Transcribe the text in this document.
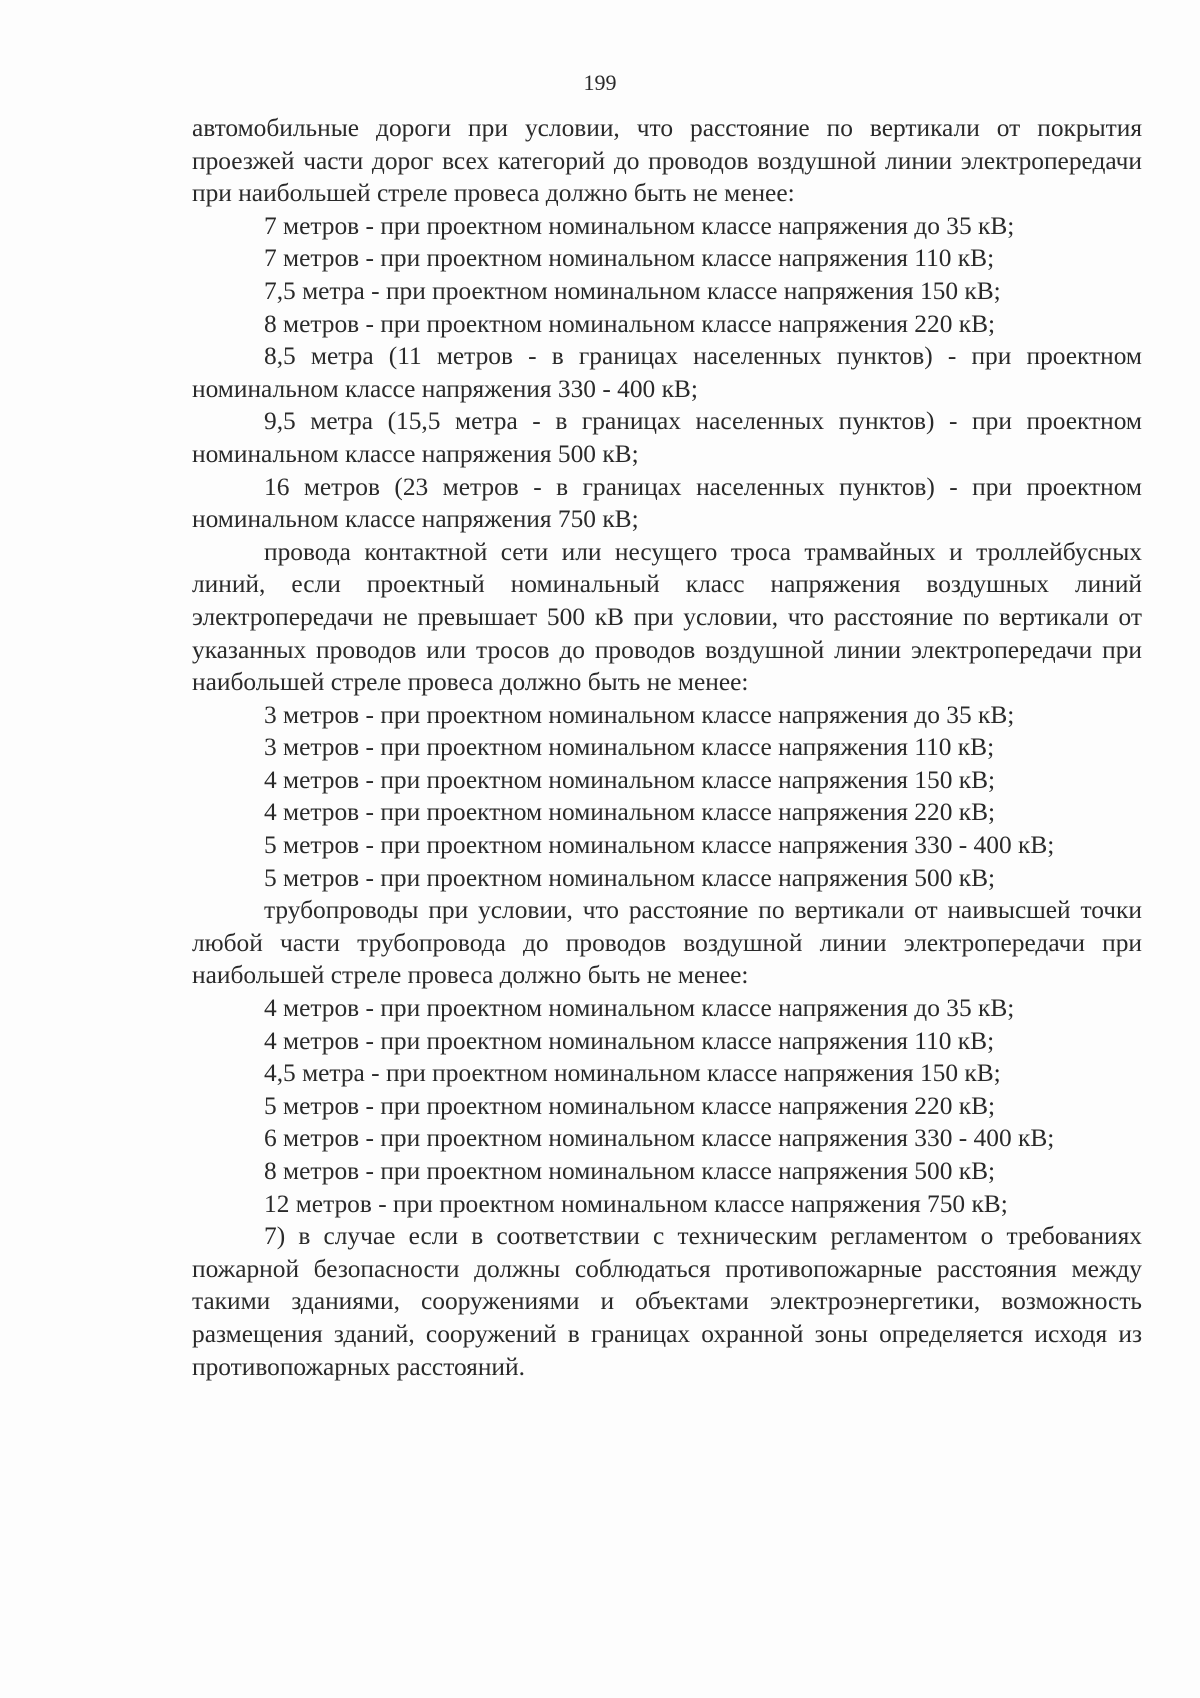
199

автомобильные дороги при условии, что расстояние по вертикали от покрытия проезжей части дорог всех категорий до проводов воздушной линии электропередачи при наибольшей стреле провеса должно быть не менее:

7 метров - при проектном номинальном классе напряжения до 35 кВ;

7 метров - при проектном номинальном классе напряжения 110 кВ;

7,5 метра - при проектном номинальном классе напряжения 150 кВ;

8 метров - при проектном номинальном классе напряжения 220 кВ;

8,5 метра (11 метров - в границах населенных пунктов) - при проектном номинальном классе напряжения 330 - 400 кВ;

9,5 метра (15,5 метра - в границах населенных пунктов) - при проектном номинальном классе напряжения 500 кВ;

16 метров (23 метров - в границах населенных пунктов) - при проектном номинальном классе напряжения 750 кВ;

провода контактной сети или несущего троса трамвайных и троллейбусных линий, если проектный номинальный класс напряжения воздушных линий электропередачи не превышает 500 кВ при условии, что расстояние по вертикали от указанных проводов или тросов до проводов воздушной линии электропередачи при наибольшей стреле провеса должно быть не менее:

3 метров - при проектном номинальном классе напряжения до 35 кВ;

3 метров - при проектном номинальном классе напряжения 110 кВ;

4 метров - при проектном номинальном классе напряжения 150 кВ;

4 метров - при проектном номинальном классе напряжения 220 кВ;

5 метров - при проектном номинальном классе напряжения 330 - 400 кВ;

5 метров - при проектном номинальном классе напряжения 500 кВ;

трубопроводы при условии, что расстояние по вертикали от наивысшей точки любой части трубопровода до проводов воздушной линии электропередачи при наибольшей стреле провеса должно быть не менее:

4 метров - при проектном номинальном классе напряжения до 35 кВ;

4 метров - при проектном номинальном классе напряжения 110 кВ;

4,5 метра - при проектном номинальном классе напряжения 150 кВ;

5 метров - при проектном номинальном классе напряжения 220 кВ;

6 метров - при проектном номинальном классе напряжения 330 - 400 кВ;

8 метров - при проектном номинальном классе напряжения 500 кВ;

12 метров - при проектном номинальном классе напряжения 750 кВ;

7) в случае если в соответствии с техническим регламентом о требованиях пожарной безопасности должны соблюдаться противопожарные расстояния между такими зданиями, сооружениями и объектами электроэнергетики, возможность размещения зданий, сооружений в границах охранной зоны определяется исходя из противопожарных расстояний.
